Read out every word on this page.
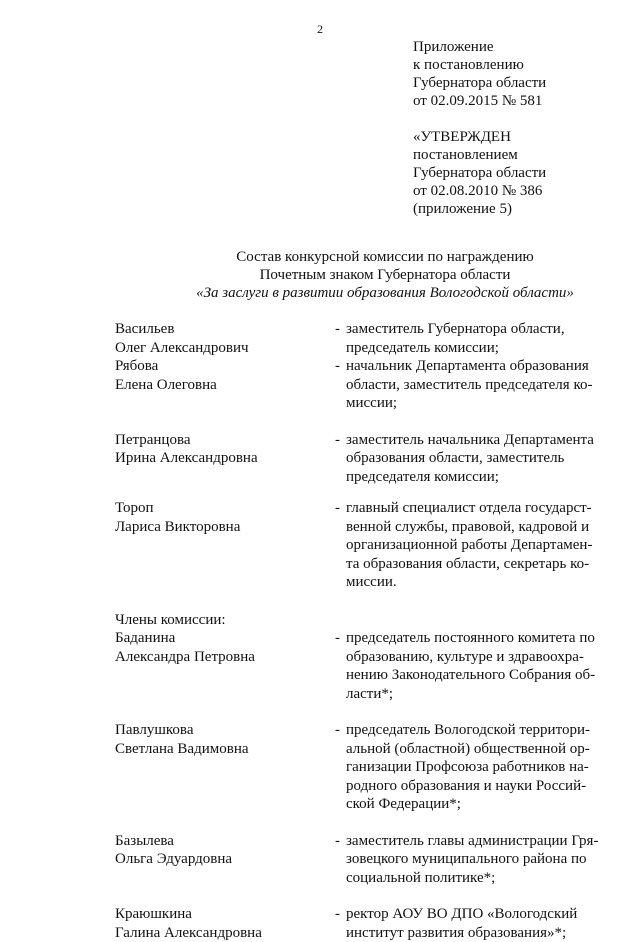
2
Приложение
к постановлению
Губернатора области
от 02.09.2015 № 581
«УТВЕРЖДЕН
постановлением
Губернатора области
от 02.08.2010 № 386
(приложение 5)
Состав конкурсной комиссии по награждению
Почетным знаком Губернатора области
«За заслуги в развитии образования Вологодской области»
Васильев
Олег Александрович
- заместитель Губернатора области,
председатель комиссии;
Рябова
Елена Олеговна
- начальник Департамента образования
области, заместитель председателя ко-
миссии;
Петранцова
Ирина Александровна
- заместитель начальника Департамента
образования области, заместитель
председателя комиссии;
Тороп
Лариса Викторовна
- главный специалист отдела государст-
венной службы, правовой, кадровой и
организационной работы Департамен-
та образования области, секретарь ко-
миссии.
Члены комиссии:
Баданина
Александра Петровна
- председатель постоянного комитета по
образованию, культуре и здравоохра-
нению Законодательного Собрания об-
ласти*;
Павлушкова
Светлана Вадимовна
- председатель Вологодской территори-
альной (областной) общественной ор-
ганизации Профсоюза работников на-
родного образования и науки Россий-
ской Федерации*;
Базылева
Ольга Эдуардовна
- заместитель главы администрации Гря-
зовецкого муниципального района по
социальной политике*;
Краюшкина
Галина Александровна
- ректор АОУ ВО ДПО «Вологодский
институт развития образования»*;
